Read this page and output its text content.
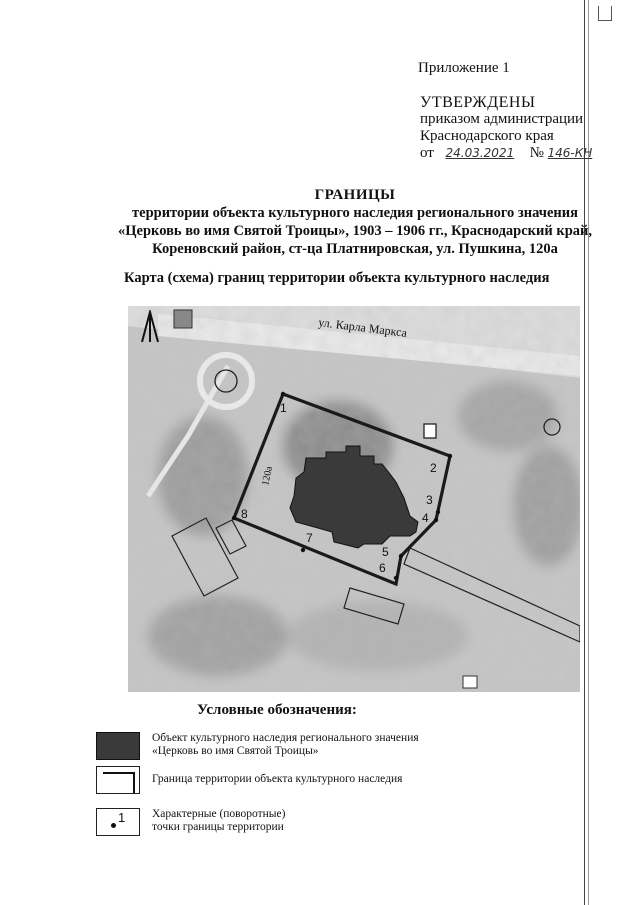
Приложение 1
УТВЕРЖДЕНЫ
приказом администрации
Краснодарского края
от 24.03.2021 № 146-КН
ГРАНИЦЫ
территории объекта культурного наследия регионального значения
«Церковь во имя Святой Троицы», 1903 – 1906 гг., Краснодарский край,
Кореновский район, ст-ца Платнировская, ул. Пушкина, 120а
Карта (схема) границ территории объекта культурного наследия
ул. Карла Маркса
120a
1
2
3
4
5
6
7
8
Условные обозначения:
Объект культурного наследия регионального значения
«Церковь во имя Святой Троицы»
Граница территории объекта культурного наследия
1 Характерные (поворотные)
точки границы территории
